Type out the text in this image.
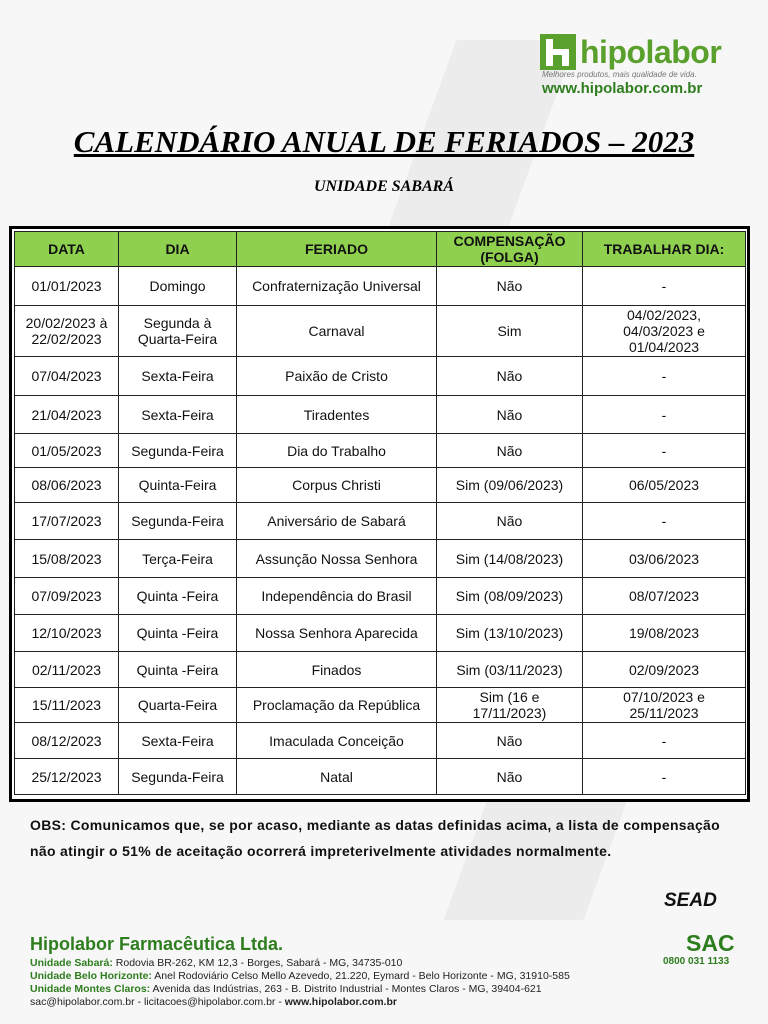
hipolabor
Melhores produtos, mais qualidade de vida.
www.hipolabor.com.br
CALENDÁRIO ANUAL DE FERIADOS – 2023
UNIDADE SABARÁ
DATA	DIA	FERIADO	COMPENSAÇÃO (FOLGA)	TRABALHAR DIA:
01/01/2023	Domingo	Confraternização Universal	Não	-
20/02/2023 à 22/02/2023	Segunda à Quarta-Feira	Carnaval	Sim	04/02/2023, 04/03/2023 e 01/04/2023
07/04/2023	Sexta-Feira	Paixão de Cristo	Não	-
21/04/2023	Sexta-Feira	Tiradentes	Não	-
01/05/2023	Segunda-Feira	Dia do Trabalho	Não	-
08/06/2023	Quinta-Feira	Corpus Christi	Sim (09/06/2023)	06/05/2023
17/07/2023	Segunda-Feira	Aniversário de Sabará	Não	-
15/08/2023	Terça-Feira	Assunção Nossa Senhora	Sim (14/08/2023)	03/06/2023
07/09/2023	Quinta -Feira	Independência do Brasil	Sim (08/09/2023)	08/07/2023
12/10/2023	Quinta -Feira	Nossa Senhora Aparecida	Sim (13/10/2023)	19/08/2023
02/11/2023	Quinta -Feira	Finados	Sim (03/11/2023)	02/09/2023
15/11/2023	Quarta-Feira	Proclamação da República	Sim (16 e 17/11/2023)	07/10/2023 e 25/11/2023
08/12/2023	Sexta-Feira	Imaculada Conceição	Não	-
25/12/2023	Segunda-Feira	Natal	Não	-
OBS: Comunicamos que, se por acaso, mediante as datas definidas acima, a lista de compensação não atingir o 51% de aceitação ocorrerá impreterivelmente atividades normalmente.
SEAD
Hipolabor Farmacêutica Ltda.
Unidade Sabará: Rodovia BR-262, KM 12,3 - Borges, Sabará - MG, 34735-010
Unidade Belo Horizonte: Anel Rodoviário Celso Mello Azevedo, 21.220, Eymard - Belo Horizonte - MG, 31910-585
Unidade Montes Claros: Avenida das Indústrias, 263 - B. Distrito Industrial - Montes Claros - MG, 39404-621
sac@hipolabor.com.br - licitacoes@hipolabor.com.br - www.hipolabor.com.br
SAC
0800 031 1133
